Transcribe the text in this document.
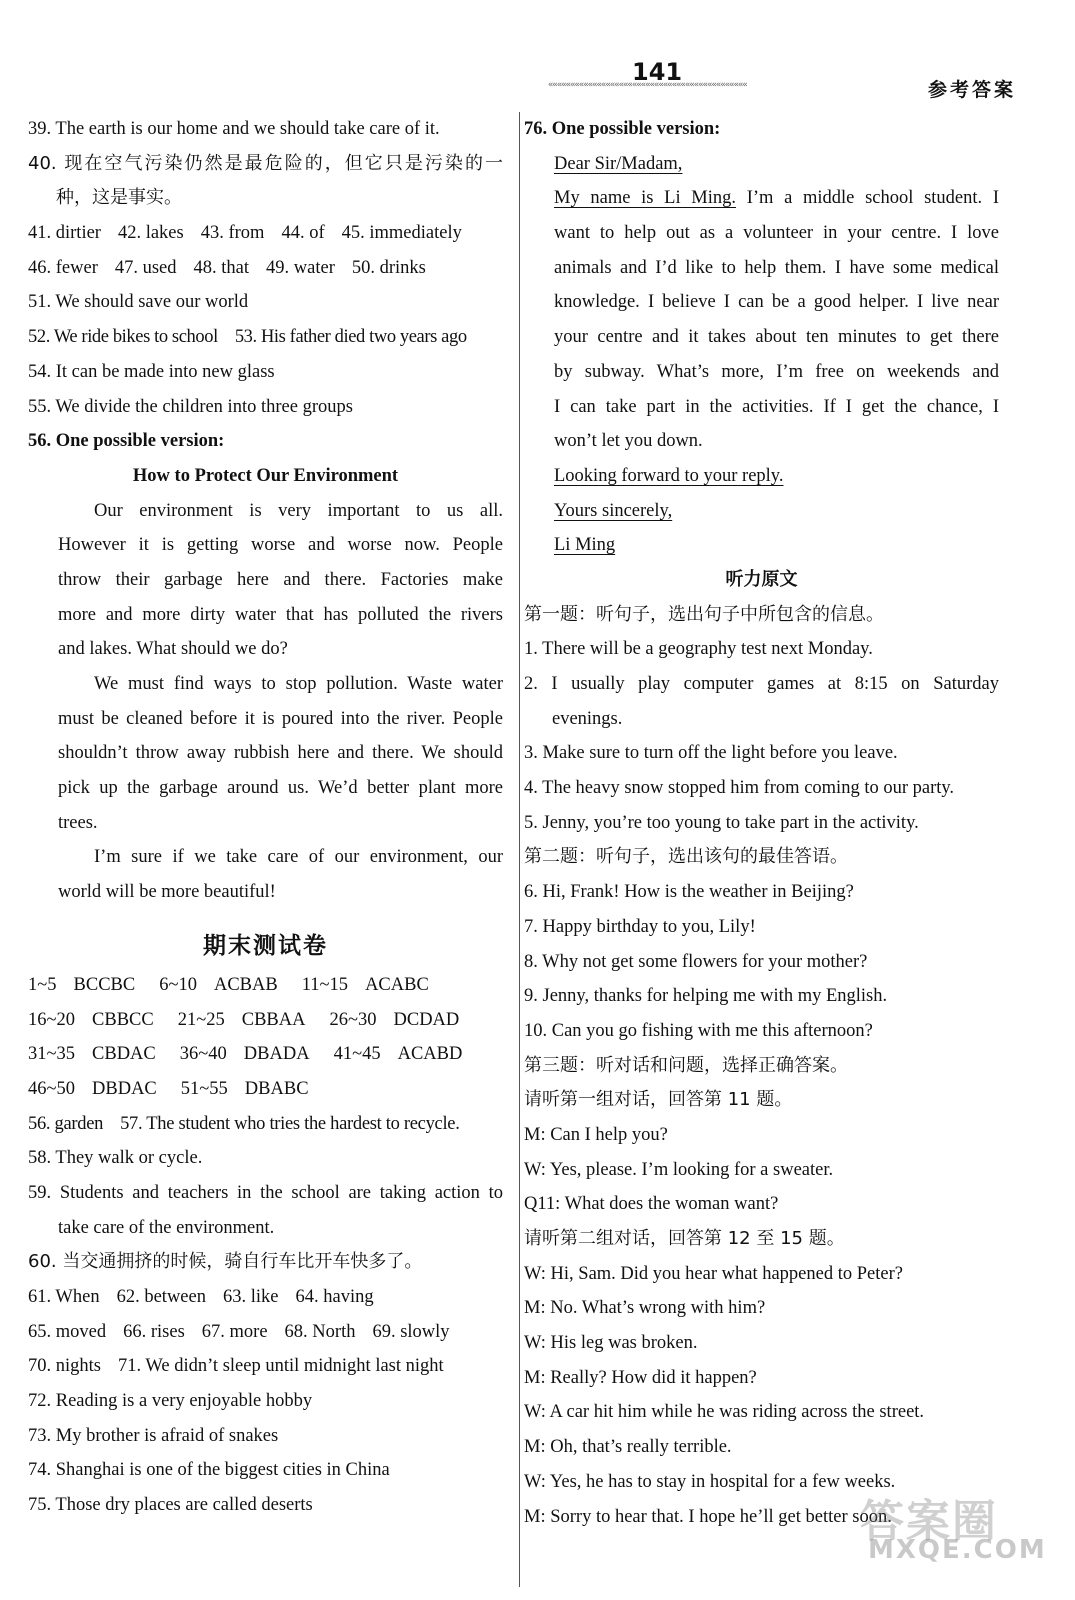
141
«««««««««««««««««««««««««««««««««««««««««««««	参考答案
39. The earth is our home and we should take care of it.
40. 现在空气污染仍然是最危险的，但它只是污染的一
种，这是事实。
41. dirtier 42. lakes 43. from 44. of 45. immediately
46. fewer 47. used 48. that 49. water 50. drinks
51. We should save our world
52. We ride bikes to school 53. His father died two years ago
54. It can be made into new glass
55. We divide the children into three groups
56. One possible version:
How to Protect Our Environment
Our environment is very important to us all.
However it is getting worse and worse now. People
throw their garbage here and there. Factories make
more and more dirty water that has polluted the rivers
and lakes. What should we do?
We must find ways to stop pollution. Waste water
must be cleaned before it is poured into the river. People
shouldn’t throw away rubbish here and there. We should
pick up the garbage around us. We’d better plant more
trees.
I’m sure if we take care of our environment, our
world will be more beautiful!
期末测试卷
1~5 BCCBC 6~10 ACBAB 11~15 ACABC
16~20 CBBCC 21~25 CBBAA 26~30 DCDAD
31~35 CBDAC 36~40 DBADA 41~45 ACABD
46~50 DBDAC 51~55 DBABC
56. garden 57. The student who tries the hardest to recycle.
58. They walk or cycle.
59. Students and teachers in the school are taking action to
take care of the environment.
60. 当交通拥挤的时候，骑自行车比开车快多了。
61. When 62. between 63. like 64. having
65. moved 66. rises 67. more 68. North 69. slowly
70. nights 71. We didn’t sleep until midnight last night
72. Reading is a very enjoyable hobby
73. My brother is afraid of snakes
74. Shanghai is one of the biggest cities in China
75. Those dry places are called deserts
76. One possible version:
Dear Sir/Madam,
My name is Li Ming. I’m a middle school student. I
want to help out as a volunteer in your centre. I love
animals and I’d like to help them. I have some medical
knowledge. I believe I can be a good helper. I live near
your centre and it takes about ten minutes to get there
by subway. What’s more, I’m free on weekends and
I can take part in the activities. If I get the chance, I
won’t let you down.
Looking forward to your reply.
Yours sincerely,
Li Ming
听力原文
第一题：听句子，选出句子中所包含的信息。
1. There will be a geography test next Monday.
2. I usually play computer games at 8:15 on Saturday
evenings.
3. Make sure to turn off the light before you leave.
4. The heavy snow stopped him from coming to our party.
5. Jenny, you’re too young to take part in the activity.
第二题：听句子，选出该句的最佳答语。
6. Hi, Frank! How is the weather in Beijing?
7. Happy birthday to you, Lily!
8. Why not get some flowers for your mother?
9. Jenny, thanks for helping me with my English.
10. Can you go fishing with me this afternoon?
第三题：听对话和问题，选择正确答案。
请听第一组对话，回答第 11 题。
M: Can I help you?
W: Yes, please. I’m looking for a sweater.
Q11: What does the woman want?
请听第二组对话，回答第 12 至 15 题。
W: Hi, Sam. Did you hear what happened to Peter?
M: No. What’s wrong with him?
W: His leg was broken.
M: Really? How did it happen?
W: A car hit him while he was riding across the street.
M: Oh, that’s really terrible.
W: Yes, he has to stay in hospital for a few weeks.
M: Sorry to hear that. I hope he’ll get better soon.
答案圈
MXQE.COM
